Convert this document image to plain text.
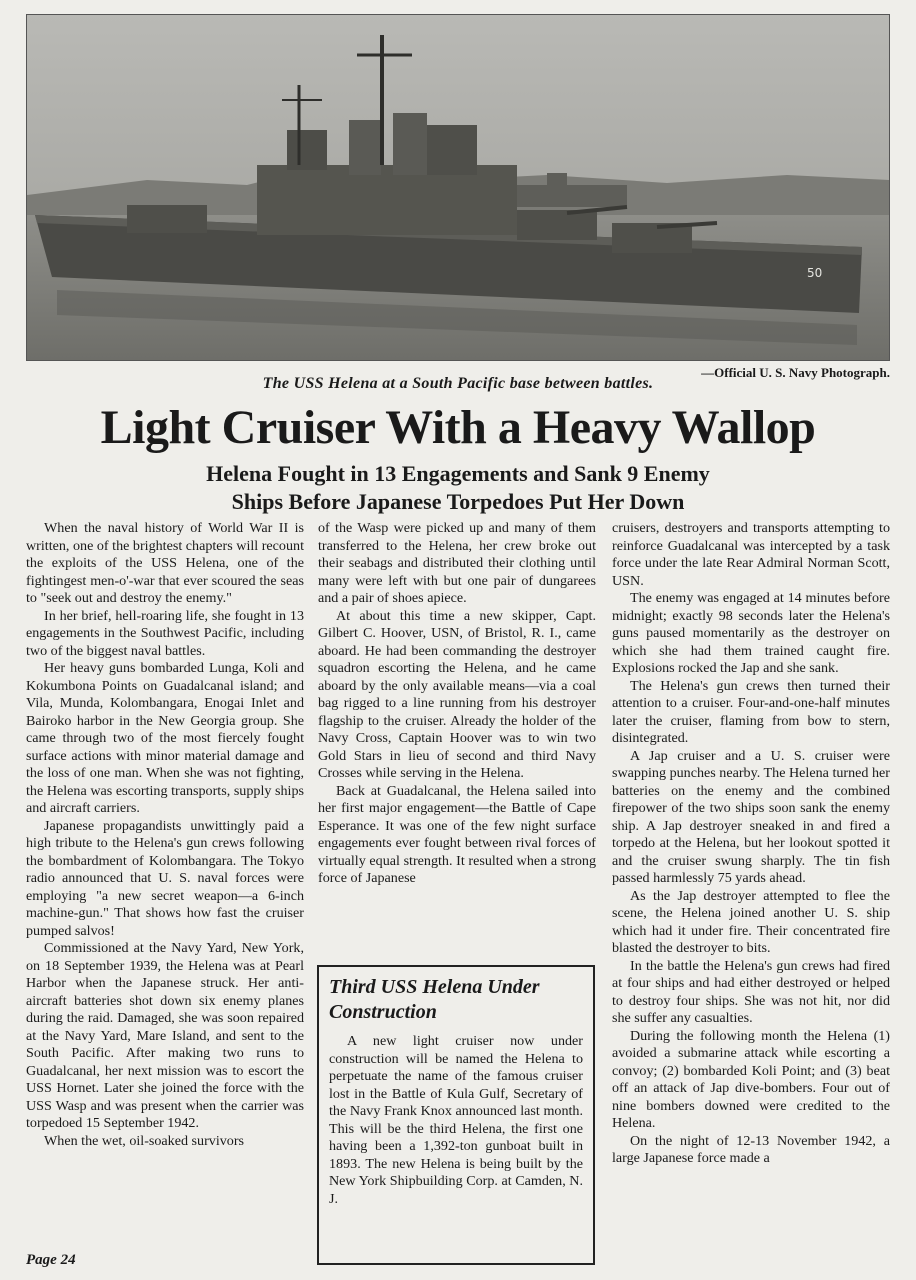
50
—Official U. S. Navy Photograph.
The USS Helena at a South Pacific base between battles.
Light Cruiser With a Heavy Wallop
Helena Fought in 13 Engagements and Sank 9 Enemy
Ships Before Japanese Torpedoes Put Her Down

When the naval history of World War II is written, one of the brightest chapters will recount the exploits of the USS Helena, one of the fightingest men-o'-war that ever scoured the seas to "seek out and destroy the enemy."

In her brief, hell-roaring life, she fought in 13 engagements in the Southwest Pacific, including two of the biggest naval battles.

Her heavy guns bombarded Lunga, Koli and Kokumbona Points on Guadalcanal island; and Vila, Munda, Kolombangara, Enogai Inlet and Bairoko harbor in the New Georgia group. She came through two of the most fiercely fought surface actions with minor material damage and the loss of one man. When she was not fighting, the Helena was escorting transports, supply ships and aircraft carriers.

Japanese propagandists unwittingly paid a high tribute to the Helena's gun crews following the bombardment of Kolombangara. The Tokyo radio announced that U. S. naval forces were employing "a new secret weapon—a 6-inch machine-gun." That shows how fast the cruiser pumped salvos!

Commissioned at the Navy Yard, New York, on 18 September 1939, the Helena was at Pearl Harbor when the Japanese struck. Her anti-aircraft batteries shot down six enemy planes during the raid. Damaged, she was soon repaired at the Navy Yard, Mare Island, and sent to the South Pacific. After making two runs to Guadalcanal, her next mission was to escort the USS Hornet. Later she joined the force with the USS Wasp and was present when the carrier was torpedoed 15 September 1942.

When the wet, oil-soaked survivors

of the Wasp were picked up and many of them transferred to the Helena, her crew broke out their seabags and distributed their clothing until many were left with but one pair of dungarees and a pair of shoes apiece.

At about this time a new skipper, Capt. Gilbert C. Hoover, USN, of Bristol, R. I., came aboard. He had been commanding the destroyer squadron escorting the Helena, and he came aboard by the only available means—via a coal bag rigged to a line running from his destroyer flagship to the cruiser. Already the holder of the Navy Cross, Captain Hoover was to win two Gold Stars in lieu of second and third Navy Crosses while serving in the Helena.

Back at Guadalcanal, the Helena sailed into her first major engagement—the Battle of Cape Esperance. It was one of the few night surface engagements ever fought between rival forces of virtually equal strength. It resulted when a strong force of Japanese

Third USS Helena Under Construction
A new light cruiser now under construction will be named the Helena to perpetuate the name of the famous cruiser lost in the Battle of Kula Gulf, Secretary of the Navy Frank Knox announced last month. This will be the third Helena, the first one having been a 1,392-ton gunboat built in 1893. The new Helena is being built by the New York Shipbuilding Corp. at Camden, N. J.

cruisers, destroyers and transports attempting to reinforce Guadalcanal was intercepted by a task force under the late Rear Admiral Norman Scott, USN.

The enemy was engaged at 14 minutes before midnight; exactly 98 seconds later the Helena's guns paused momentarily as the destroyer on which she had them trained caught fire. Explosions rocked the Jap and she sank.

The Helena's gun crews then turned their attention to a cruiser. Four-and-one-half minutes later the cruiser, flaming from bow to stern, disintegrated.

A Jap cruiser and a U. S. cruiser were swapping punches nearby. The Helena turned her batteries on the enemy and the combined firepower of the two ships soon sank the enemy ship. A Jap destroyer sneaked in and fired a torpedo at the Helena, but her lookout spotted it and the cruiser swung sharply. The tin fish passed harmlessly 75 yards ahead.

As the Jap destroyer attempted to flee the scene, the Helena joined another U. S. ship which had it under fire. Their concentrated fire blasted the destroyer to bits.

In the battle the Helena's gun crews had fired at four ships and had either destroyed or helped to destroy four ships. She was not hit, nor did she suffer any casualties.

During the following month the Helena (1) avoided a submarine attack while escorting a convoy; (2) bombarded Koli Point; and (3) beat off an attack of Jap dive-bombers. Four out of nine bombers downed were credited to the Helena.

On the night of 12-13 November 1942, a large Japanese force made a

Page 24
